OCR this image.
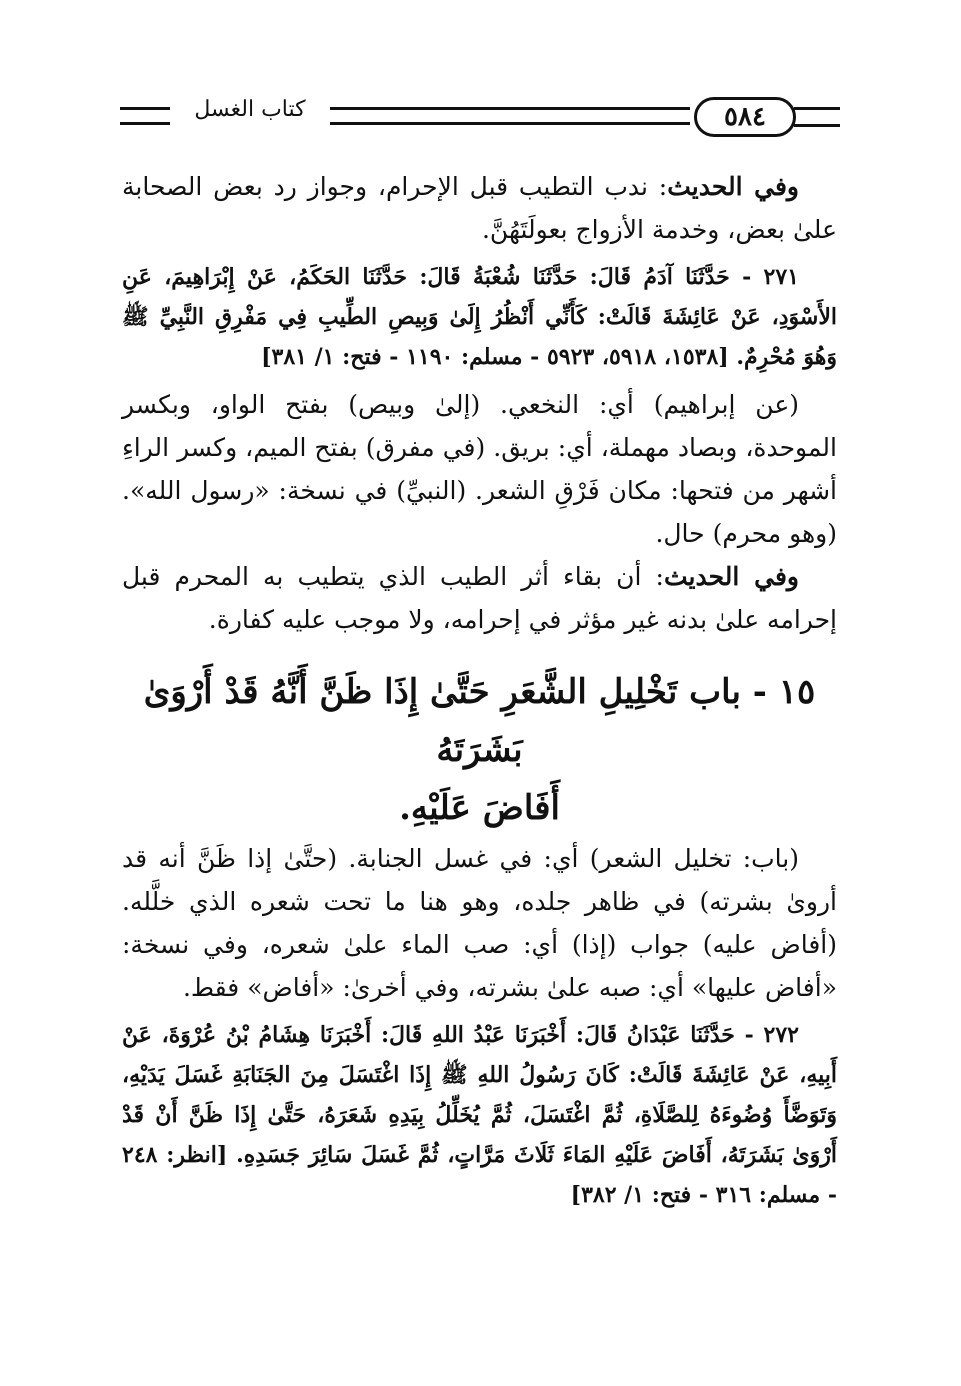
٥٨٤
كتاب الغسل

وفي الحديث: ندب التطيب قبل الإحرام، وجواز رد بعض الصحابة علىٰ بعض، وخدمة الأزواج بعولَتَهُنَّ.

٢٧١ - حَدَّثَنَا آدَمُ قَالَ: حَدَّثَنَا شُعْبَةُ قَالَ: حَدَّثَنَا الحَكَمُ، عَنْ إِبْرَاهِيمَ، عَنِ الأَسْوَدِ، عَنْ عَائِشَةَ قَالَتْ: كَأَنِّي أَنْظُرُ إِلَىٰ وَبِيصِ الطِّيبِ فِي مَفْرِقِ النَّبِيِّ ﷺ وَهُوَ مُحْرِمٌ. [١٥٣٨، ٥٩١٨، ٥٩٢٣ - مسلم: ١١٩٠ - فتح: ١/ ٣٨١]

(عن إبراهيم) أي: النخعي. (إلىٰ وبيص) بفتح الواو، وبكسر الموحدة، وبصاد مهملة، أي: بريق. (في مفرق) بفتح الميم، وكسر الراءِ أشهر من فتحها: مكان فَرْقِ الشعر. (النبيِّ) في نسخة: «رسول الله». (وهو محرم) حال.

وفي الحديث: أن بقاء أثر الطيب الذي يتطيب به المحرم قبل إحرامه علىٰ بدنه غير مؤثر في إحرامه، ولا موجب عليه كفارة.

١٥ - باب تَخْلِيلِ الشَّعَرِ حَتَّىٰ إِذَا ظَنَّ أَنَّهُ قَدْ أَرْوَىٰ بَشَرَتَهُ
أَفَاضَ عَلَيْهِ.

(باب: تخليل الشعر) أي: في غسل الجنابة. (حتَّىٰ إذا ظَنَّ أنه قد أروىٰ بشرته) في ظاهر جلده، وهو هنا ما تحت شعره الذي خلَّله. (أفاض عليه) جواب (إذا) أي: صب الماء علىٰ شعره، وفي نسخة: «أفاض عليها» أي: صبه علىٰ بشرته، وفي أخرىٰ: «أفاض» فقط.

٢٧٢ - حَدَّثَنَا عَبْدَانُ قَالَ: أَخْبَرَنَا عَبْدُ اللهِ قَالَ: أَخْبَرَنَا هِشَامُ بْنُ عُرْوَةَ، عَنْ أَبِيهِ، عَنْ عَائِشَةَ قَالَتْ: كَانَ رَسُولُ اللهِ ﷺ إِذَا اغْتَسَلَ مِنَ الجَنَابَةِ غَسَلَ يَدَيْهِ، وَتَوَضَّأَ وُضُوءَهُ لِلصَّلَاةِ، ثُمَّ اغْتَسَلَ، ثُمَّ يُخَلِّلُ بِيَدِهِ شَعَرَهُ، حَتَّىٰ إِذَا ظَنَّ أَنْ قَدْ أَرْوَىٰ بَشَرَتَهُ، أَفَاضَ عَلَيْهِ المَاءَ ثَلَاثَ مَرَّاتٍ، ثُمَّ غَسَلَ سَائِرَ جَسَدِهِ. [انظر: ٢٤٨ - مسلم: ٣١٦ - فتح: ١/ ٣٨٢]
